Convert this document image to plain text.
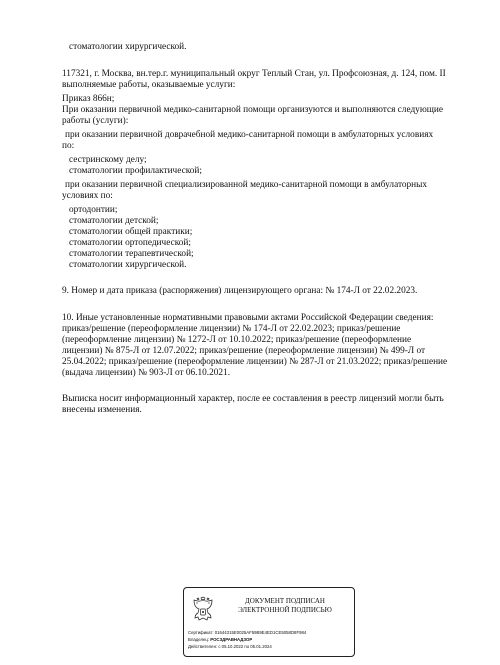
стоматологии хирургической.
117321, г. Москва, вн.тер.г. муниципальный округ Теплый Стан, ул. Профсоюзная, д. 124, пом. II
выполняемые работы, оказываемые услуги:
Приказ 866н;
При оказании первичной медико-санитарной помощи организуются и выполняются следующие
работы (услуги):
при оказании первичной доврачебной медико-санитарной помощи в амбулаторных условиях
по:
сестринскому делу;
стоматологии профилактической;
при оказании первичной специализированной медико-санитарной помощи в амбулаторных
условиях по:
ортодонтии;
стоматологии детской;
стоматологии общей практики;
стоматологии ортопедической;
стоматологии терапевтической;
стоматологии хирургической.
9. Номер и дата приказа (распоряжения) лицензирующего органа: № 174-Л от 22.02.2023.
10. Иные установленные нормативными правовыми актами Российской Федерации сведения:
приказ/решение (переоформление лицензии) № 174-Л от 22.02.2023; приказ/решение
(переоформление лицензии) № 1272-Л от 10.10.2022; приказ/решение (переоформление
лицензии) № 875-Л от 12.07.2022; приказ/решение (переоформление лицензии) № 499-Л от
25.04.2022; приказ/решение (переоформление лицензии) № 287-Л от 21.03.2022; приказ/решение
(выдача лицензии) № 903-Л от 06.10.2021.
Выписка носит информационный характер, после ее составления в реестр лицензий могли быть
внесены изменения.
ДОКУМЕНТ ПОДПИСАН
ЭЛЕКТРОННОЙ ПОДПИСЬЮ
Сертификат: 01644315E0025AF59B9E4ED1CE5058D8F984
Владелец: РОСЗДРАВНАДЗОР
Действителен: с 05.10.2022 по 05.01.2024
